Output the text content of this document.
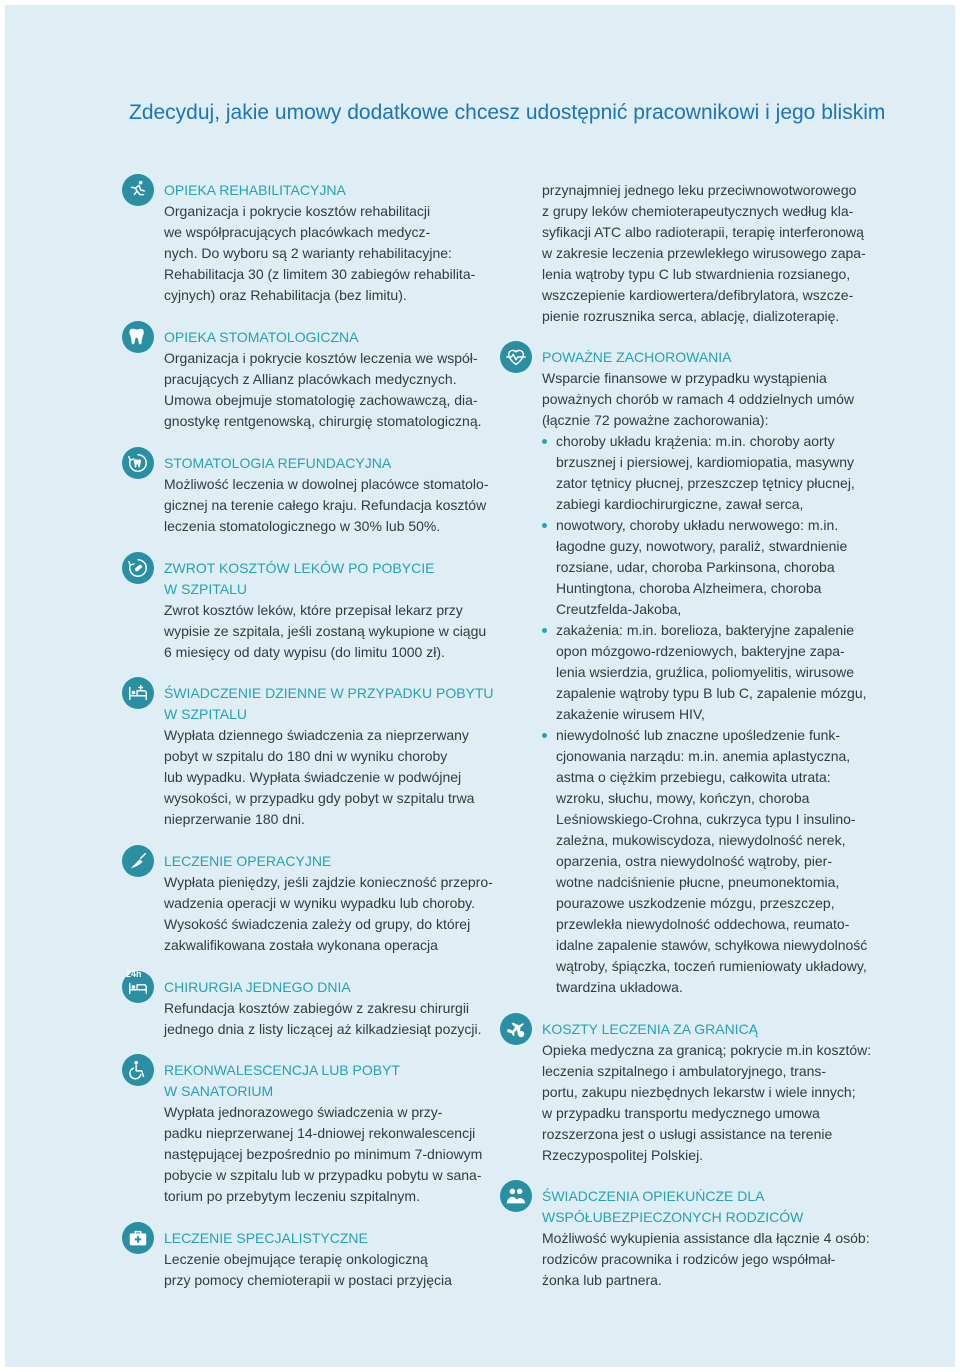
Zdecyduj, jakie umowy dodatkowe chcesz udostępnić pracownikowi i jego bliskim
OPIEKA REHABILITACYJNA
Organizacja i pokrycie kosztów rehabilitacji
we współpracujących placówkach medycz-
nych. Do wyboru są 2 warianty rehabilitacyjne:
Rehabilitacja 30 (z limitem 30 zabiegów rehabilita-
cyjnych) oraz Rehabilitacja (bez limitu).
OPIEKA STOMATOLOGICZNA
Organizacja i pokrycie kosztów leczenia we współ-
pracujących z Allianz placówkach medycznych.
Umowa obejmuje stomatologię zachowawczą, dia-
gnostykę rentgenowską, chirurgię stomatologiczną.
STOMATOLOGIA REFUNDACYJNA
Możliwość leczenia w dowolnej placówce stomatolo-
gicznej na terenie całego kraju. Refundacja kosztów
leczenia stomatologicznego w 30% lub 50%.
ZWROT KOSZTÓW LEKÓW PO POBYCIE
W SZPITALU
Zwrot kosztów leków, które przepisał lekarz przy
wypisie ze szpitala, jeśli zostaną wykupione w ciągu
6 miesięcy od daty wypisu (do limitu 1000 zł).
ŚWIADCZENIE DZIENNE W PRZYPADKU POBYTU
W SZPITALU
Wypłata dziennego świadczenia za nieprzerwany
pobyt w szpitalu do 180 dni w wyniku choroby
lub wypadku. Wypłata świadczenie w podwójnej
wysokości, w przypadku gdy pobyt w szpitalu trwa
nieprzerwanie 180 dni.
LECZENIE OPERACYJNE
Wypłata pieniędzy, jeśli zajdzie konieczność przepro-
wadzenia operacji w wyniku wypadku lub choroby.
Wysokość świadczenia zależy od grupy, do której
zakwalifikowana została wykonana operacja
24h
CHIRURGIA JEDNEGO DNIA
Refundacja kosztów zabiegów z zakresu chirurgii
jednego dnia z listy liczącej aż kilkadziesiąt pozycji.
REKONWALESCENCJA LUB POBYT
W SANATORIUM
Wypłata jednorazowego świadczenia w przy-
padku nieprzerwanej 14-dniowej rekonwalescencji
następującej bezpośrednio po minimum 7-dniowym
pobycie w szpitalu lub w przypadku pobytu w sana-
torium po przebytym leczeniu szpitalnym.
LECZENIE SPECJALISTYCZNE
Leczenie obejmujące terapię onkologiczną
przy pomocy chemioterapii w postaci przyjęcia
przynajmniej jednego leku przeciwnowotworowego
z grupy leków chemioterapeutycznych według kla-
syfikacji ATC albo radioterapii, terapię interferonową
w zakresie leczenia przewlekłego wirusowego zapa-
lenia wątroby typu C lub stwardnienia rozsianego,
wszczepienie kardiowertera/defibrylatora, wszcze-
pienie rozrusznika serca, ablację, dializoterapię.
POWAŻNE ZACHOROWANIA
Wsparcie finansowe w przypadku wystąpienia
poważnych chorób w ramach 4 oddzielnych umów
(łącznie 72 poważne zachorowania):
choroby układu krążenia: m.in. choroby aorty
brzusznej i piersiowej, kardiomiopatia, masywny
zator tętnicy płucnej, przeszczep tętnicy płucnej,
zabiegi kardiochirurgiczne, zawał serca,
nowotwory, choroby układu nerwowego: m.in.
łagodne guzy, nowotwory, paraliż, stwardnienie
rozsiane, udar, choroba Parkinsona, choroba
Huntingtona, choroba Alzheimera, choroba
Creutzfelda-Jakoba,
zakażenia: m.in. borelioza, bakteryjne zapalenie
opon mózgowo-rdzeniowych, bakteryjne zapa-
lenia wsierdzia, gruźlica, poliomyelitis, wirusowe
zapalenie wątroby typu B lub C, zapalenie mózgu,
zakażenie wirusem HIV,
niewydolność lub znaczne upośledzenie funk-
cjonowania narządu: m.in. anemia aplastyczna,
astma o ciężkim przebiegu, całkowita utrata:
wzroku, słuchu, mowy, kończyn, choroba
Leśniowskiego-Crohna, cukrzyca typu I insulino-
zależna, mukowiscydoza, niewydolność nerek,
oparzenia, ostra niewydolność wątroby, pier-
wotne nadciśnienie płucne, pneumonektomia,
pourazowe uszkodzenie mózgu, przeszczep,
przewlekła niewydolność oddechowa, reumato-
idalne zapalenie stawów, schyłkowa niewydolność
wątroby, śpiączka, toczeń rumieniowaty układowy,
twardzina układowa.
KOSZTY LECZENIA ZA GRANICĄ
Opieka medyczna za granicą; pokrycie m.in kosztów:
leczenia szpitalnego i ambulatoryjnego, trans-
portu, zakupu niezbędnych lekarstw i wiele innych;
w przypadku transportu medycznego umowa
rozszerzona jest o usługi assistance na terenie
Rzeczypospolitej Polskiej.
ŚWIADCZENIA OPIEKUŃCZE DLA
WSPÓŁUBEZPIECZONYCH RODZICÓW
Możliwość wykupienia assistance dla łącznie 4 osób:
rodziców pracownika i rodziców jego współmał-
żonka lub partnera.
